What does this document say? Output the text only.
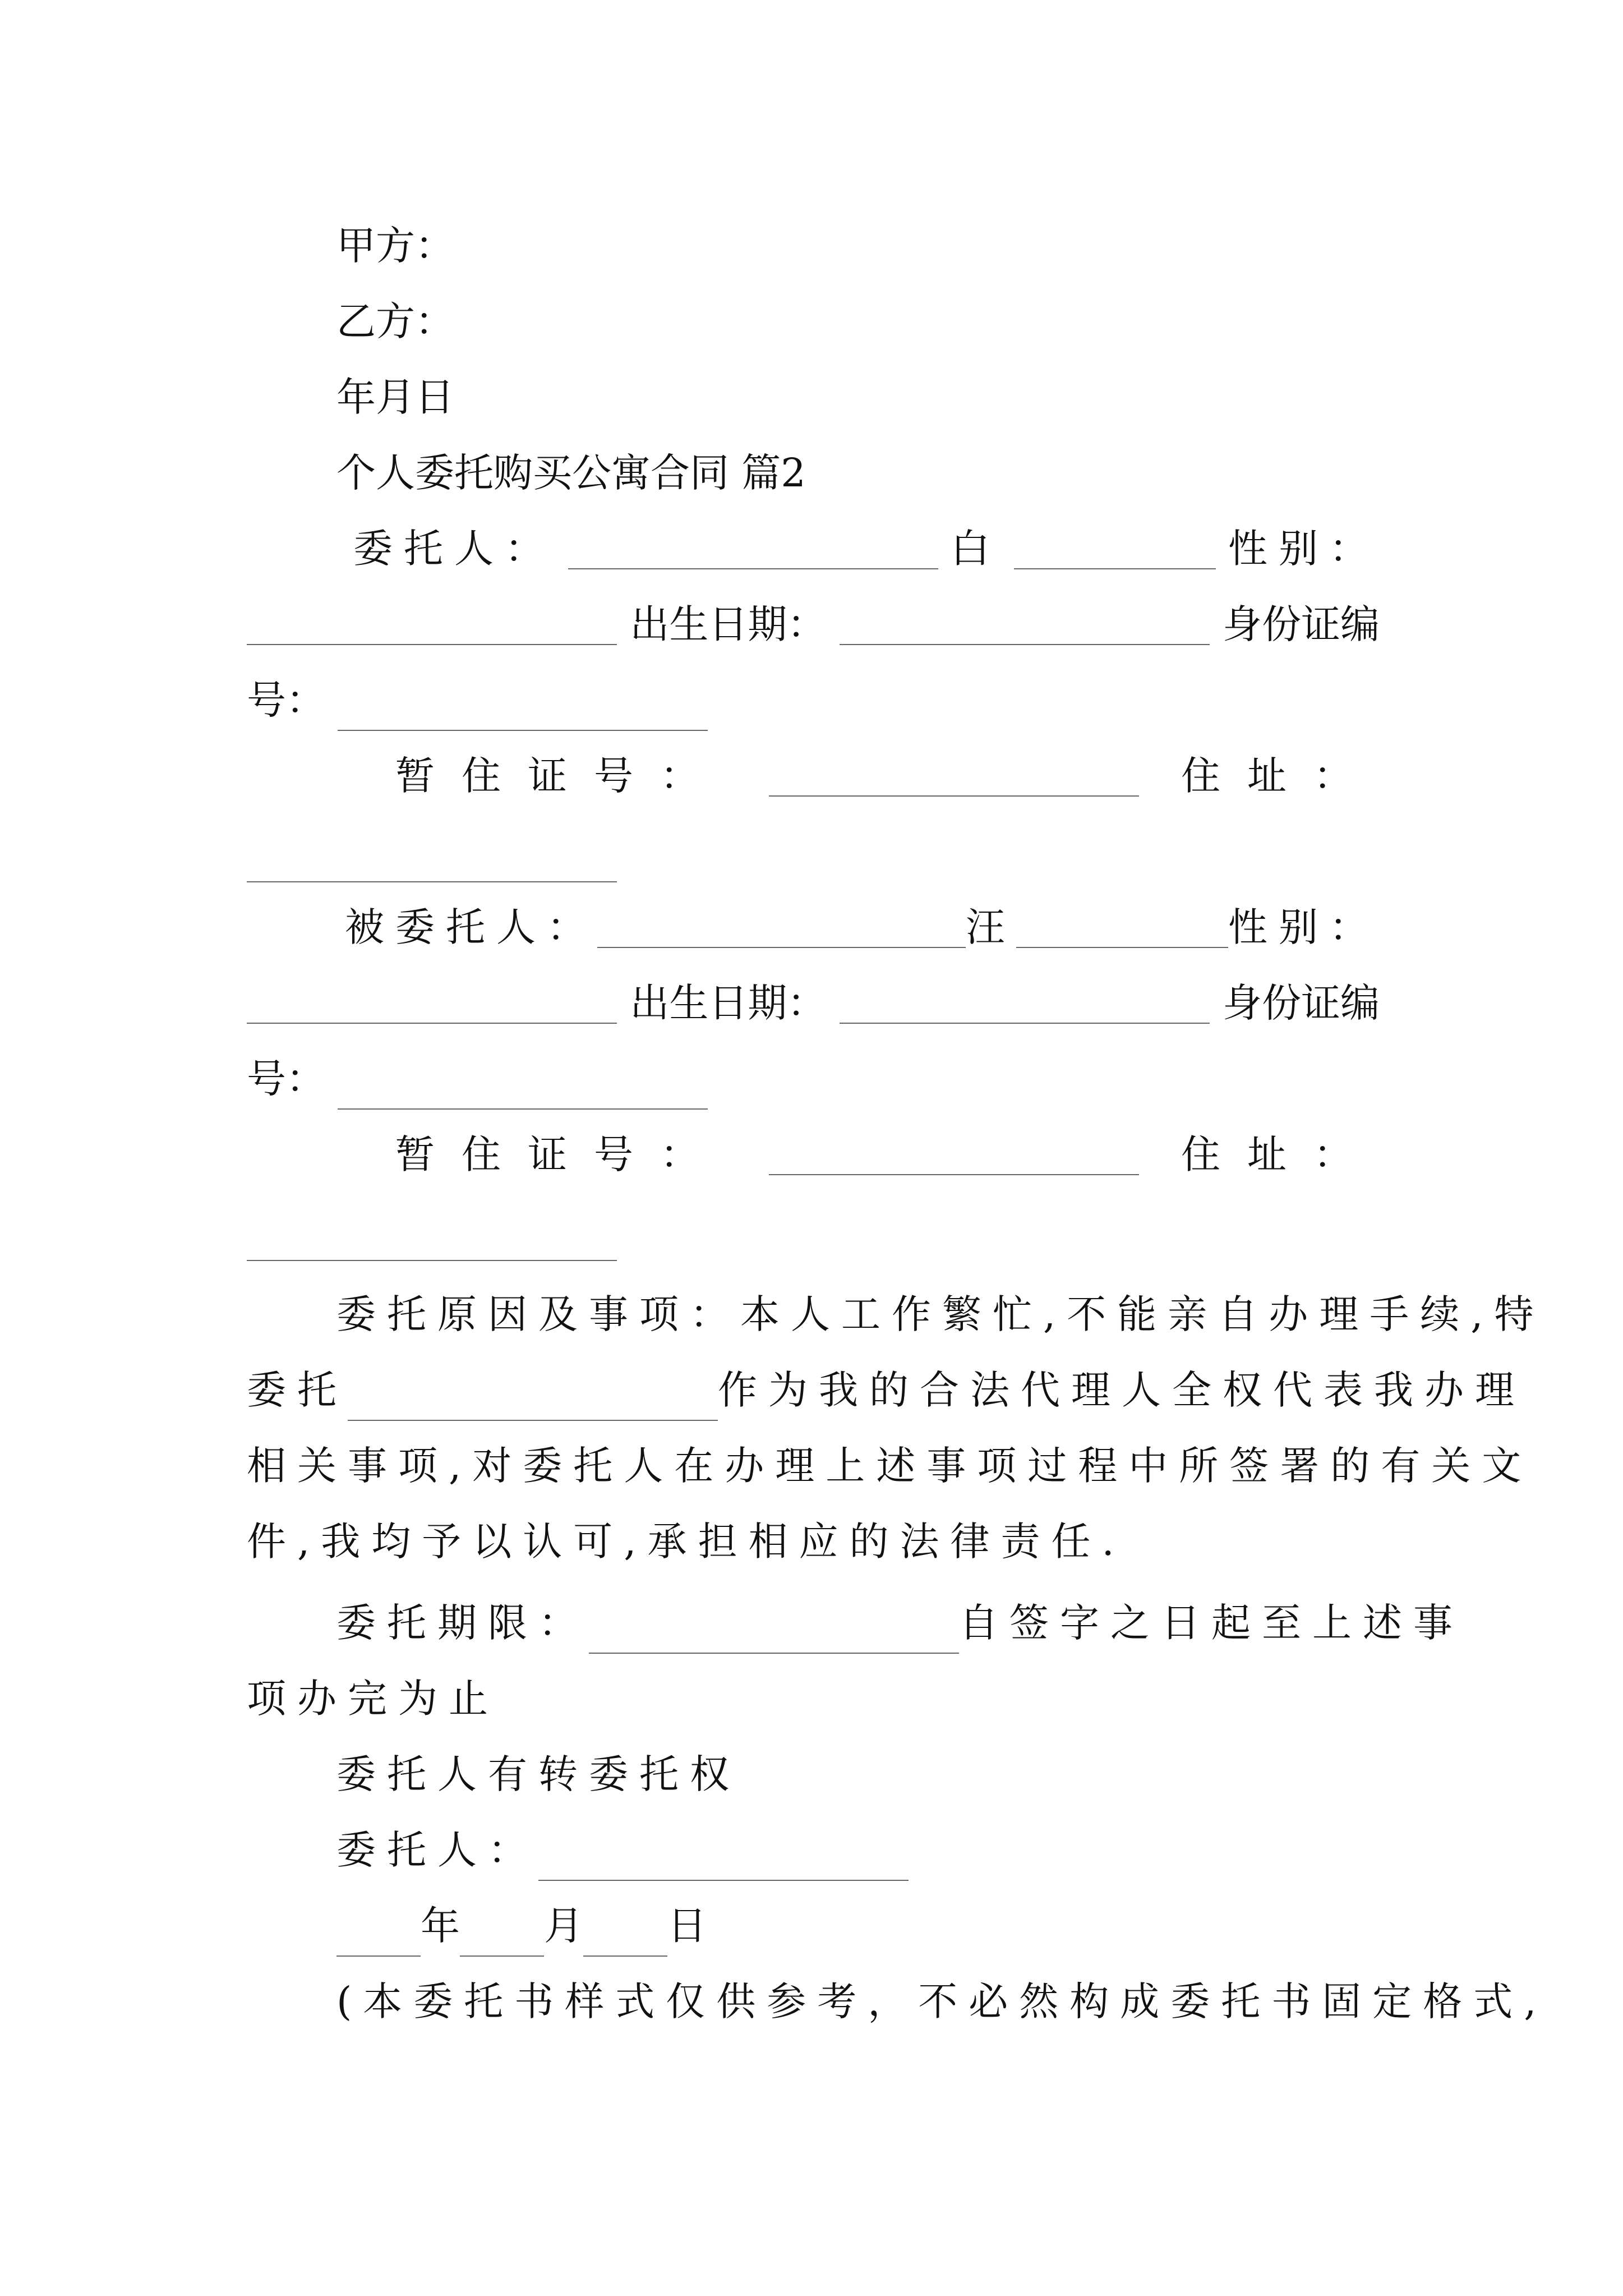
甲方：
乙方：
年月日
个人委托购买公寓合同 篇2
委托人：	白	性别：
出生日期：	身份证编
号：
暂住证号：	住址：
被委托人：	汪	性别：
出生日期：	身份证编
号：
暂住证号：	住址：
委托原因及事项：本人工作繁忙,不能亲自办理手续,特
委托	作为我的合法代理人全权代表我办理
相关事项,对委托人在办理上述事项过程中所签署的有关文
件,我均予以认可,承担相应的法律责任.
委托期限：	自签字之日起至上述事
项办完为止
委托人有转委托权
委托人：
年 月 日
(本委托书样式仅供参考，不必然构成委托书固定格式,
